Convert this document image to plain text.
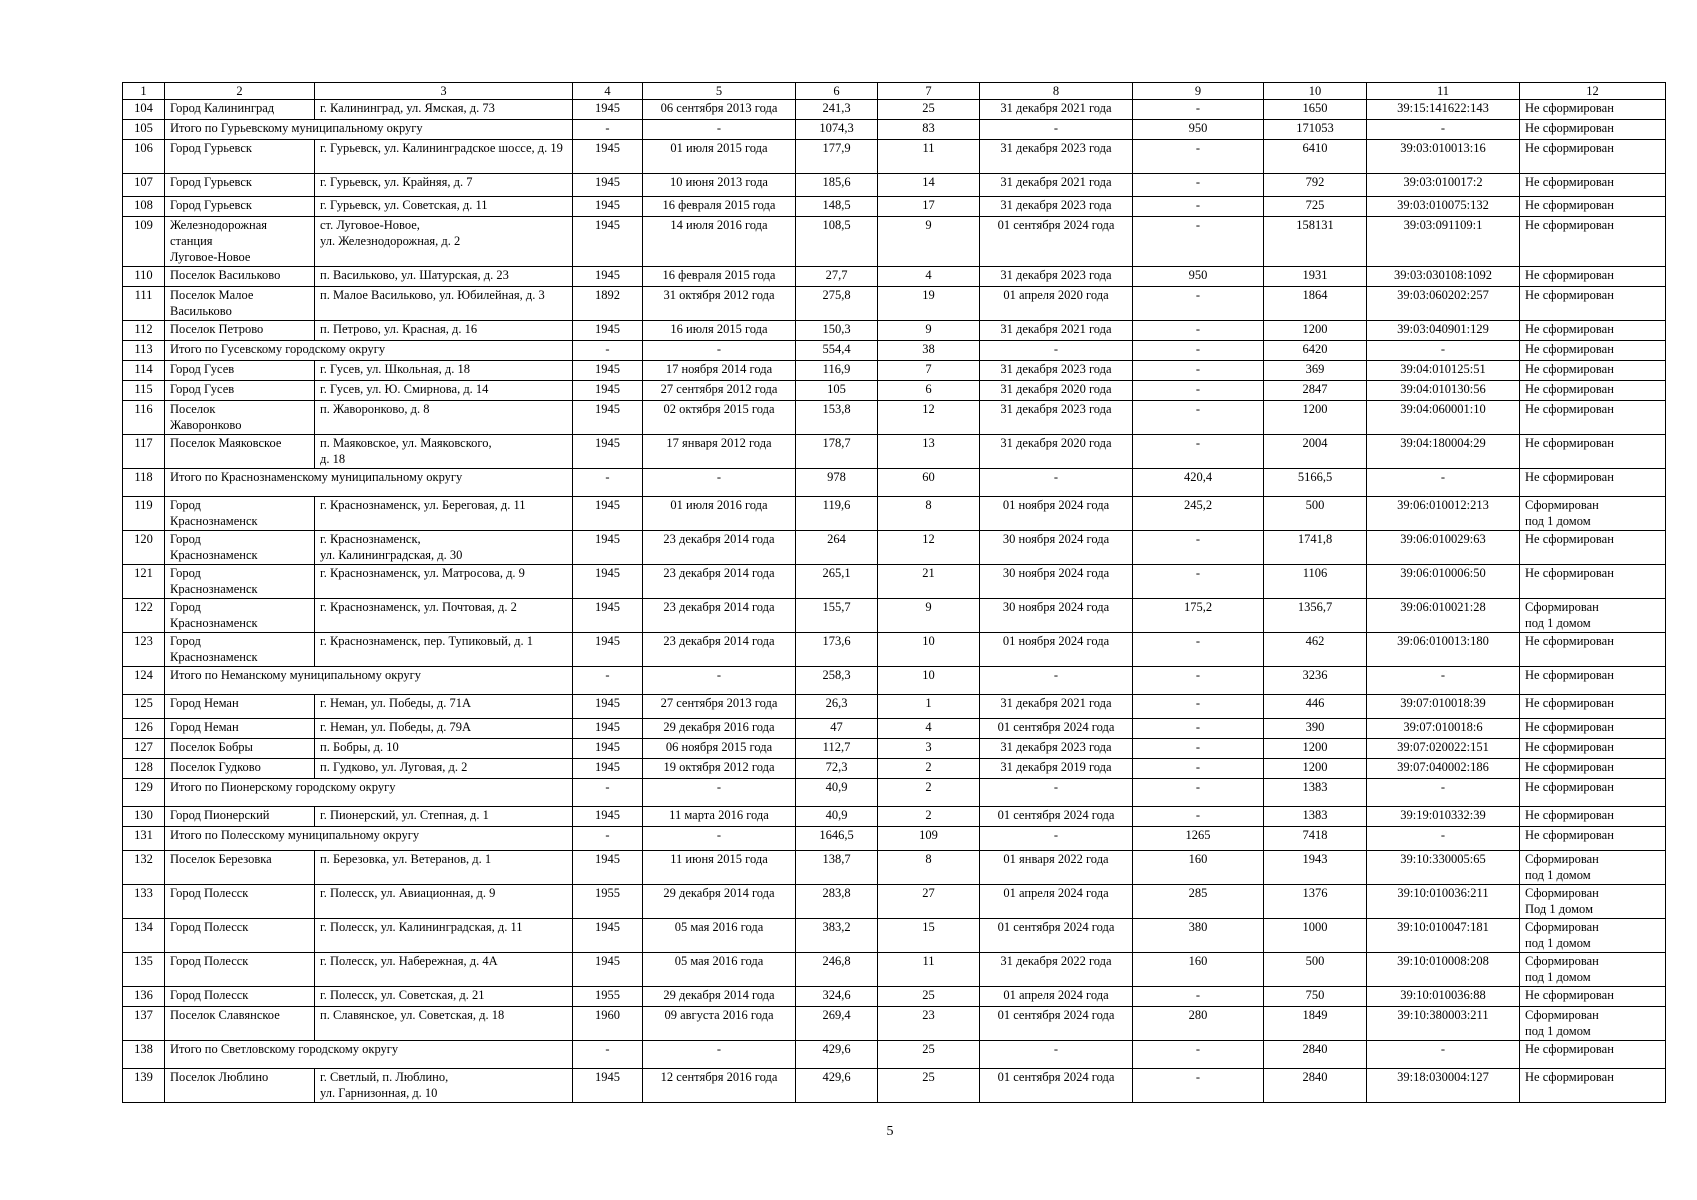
1	2	3	4	5	6	7	8	9	10	11	12
104	Город Калининград	г. Калининград, ул. Ямская, д. 73	1945	06 сентября 2013 года	241,3	25	31 декабря 2021 года	-	1650	39:15:141622:143	Не сформирован
105	Итого по Гурьевскому муниципальному округу		-	-	1074,3	83	-	950	171053	-	Не сформирован
106	Город Гурьевск	г. Гурьевск, ул. Калининградское шоссе, д. 19	1945	01 июля 2015 года	177,9	11	31 декабря 2023 года	-	6410	39:03:010013:16	Не сформирован
107	Город Гурьевск	г. Гурьевск, ул. Крайняя, д. 7	1945	10 июня 2013 года	185,6	14	31 декабря 2021 года	-	792	39:03:010017:2	Не сформирован
108	Город Гурьевск	г. Гурьевск, ул. Советская, д. 11	1945	16 февраля 2015 года	148,5	17	31 декабря 2023 года	-	725	39:03:010075:132	Не сформирован
109	Железнодорожная
станция
Луговое-Новое	ст. Луговое-Новое,
ул. Железнодорожная, д. 2	1945	14 июля 2016 года	108,5	9	01 сентября 2024 года	-	158131	39:03:091109:1	Не сформирован
110	Поселок Васильково	п. Васильково, ул. Шатурская, д. 23	1945	16 февраля 2015 года	27,7	4	31 декабря 2023 года	950	1931	39:03:030108:1092	Не сформирован
111	Поселок Малое
Васильково	п. Малое Васильково, ул. Юбилейная, д. 3	1892	31 октября 2012 года	275,8	19	01 апреля 2020 года	-	1864	39:03:060202:257	Не сформирован
112	Поселок Петрово	п. Петрово, ул. Красная, д. 16	1945	16 июля 2015 года	150,3	9	31 декабря 2021 года	-	1200	39:03:040901:129	Не сформирован
113	Итого по Гусевскому городскому округу		-	-	554,4	38	-	-	6420	-	Не сформирован
114	Город Гусев	г. Гусев, ул. Школьная, д. 18	1945	17 ноября 2014 года	116,9	7	31 декабря 2023 года	-	369	39:04:010125:51	Не сформирован
115	Город Гусев	г. Гусев, ул. Ю. Смирнова, д. 14	1945	27 сентября 2012 года	105	6	31 декабря 2020 года	-	2847	39:04:010130:56	Не сформирован
116	Поселок
Жаворонково	п. Жаворонково, д. 8	1945	02 октября 2015 года	153,8	12	31 декабря 2023 года	-	1200	39:04:060001:10	Не сформирован
117	Поселок Маяковское	п. Маяковское, ул. Маяковского,
д. 18	1945	17 января 2012 года	178,7	13	31 декабря 2020 года	-	2004	39:04:180004:29	Не сформирован
118	Итого по Краснознаменскому муниципальному округу		-	-	978	60	-	420,4	5166,5	-	Не сформирован
119	Город
Краснознаменск	г. Краснознаменск, ул. Береговая, д. 11	1945	01 июля 2016 года	119,6	8	01 ноября 2024 года	245,2	500	39:06:010012:213	Сформирован
под 1 домом
120	Город
Краснознаменск	г. Краснознаменск,
ул. Калининградская, д. 30	1945	23 декабря 2014 года	264	12	30 ноября 2024 года	-	1741,8	39:06:010029:63	Не сформирован
121	Город
Краснознаменск	г. Краснознаменск, ул. Матросова, д. 9	1945	23 декабря 2014 года	265,1	21	30 ноября 2024 года	-	1106	39:06:010006:50	Не сформирован
122	Город
Краснознаменск	г. Краснознаменск, ул. Почтовая, д. 2	1945	23 декабря 2014 года	155,7	9	30 ноября 2024 года	175,2	1356,7	39:06:010021:28	Сформирован
под 1 домом
123	Город
Краснознаменск	г. Краснознаменск, пер. Тупиковый, д. 1	1945	23 декабря 2014 года	173,6	10	01 ноября 2024 года	-	462	39:06:010013:180	Не сформирован
124	Итого по Неманскому муниципальному округу		-	-	258,3	10	-	-	3236	-	Не сформирован
125	Город Неман	г. Неман, ул. Победы, д. 71А	1945	27 сентября 2013 года	26,3	1	31 декабря 2021 года	-	446	39:07:010018:39	Не сформирован
126	Город Неман	г. Неман, ул. Победы, д. 79А	1945	29 декабря 2016 года	47	4	01 сентября 2024 года	-	390	39:07:010018:6	Не сформирован
127	Поселок Бобры	п. Бобры, д. 10	1945	06 ноября 2015 года	112,7	3	31 декабря 2023 года	-	1200	39:07:020022:151	Не сформирован
128	Поселок Гудково	п. Гудково, ул. Луговая, д. 2	1945	19 октября 2012 года	72,3	2	31 декабря 2019 года	-	1200	39:07:040002:186	Не сформирован
129	Итого по Пионерскому городскому округу		-	-	40,9	2	-	-	1383	-	Не сформирован
130	Город Пионерский	г. Пионерский, ул. Степная, д. 1	1945	11 марта 2016 года	40,9	2	01 сентября 2024 года	-	1383	39:19:010332:39	Не сформирован
131	Итого по Полесскому муниципальному округу		-	-	1646,5	109	-	1265	7418	-	Не сформирован
132	Поселок Березовка	п. Березовка, ул. Ветеранов, д. 1	1945	11 июня 2015 года	138,7	8	01 января 2022 года	160	1943	39:10:330005:65	Сформирован
под 1 домом
133	Город Полесск	г. Полесск, ул. Авиационная, д. 9	1955	29 декабря 2014 года	283,8	27	01 апреля 2024 года	285	1376	39:10:010036:211	Сформирован
Под 1 домом
134	Город Полесск	г. Полесск, ул. Калининградская, д. 11	1945	05 мая 2016 года	383,2	15	01 сентября 2024 года	380	1000	39:10:010047:181	Сформирован
под 1 домом
135	Город Полесск	г. Полесск, ул. Набережная, д. 4А	1945	05 мая 2016 года	246,8	11	31 декабря 2022 года	160	500	39:10:010008:208	Сформирован
под 1 домом
136	Город Полесск	г. Полесск, ул. Советская, д. 21	1955	29 декабря 2014 года	324,6	25	01 апреля 2024 года	-	750	39:10:010036:88	Не сформирован
137	Поселок Славянское	п. Славянское, ул. Советская, д. 18	1960	09 августа 2016 года	269,4	23	01 сентября 2024 года	280	1849	39:10:380003:211	Сформирован
под 1 домом
138	Итого по Светловскому городскому округу		-	-	429,6	25	-	-	2840	-	Не сформирован
139	Поселок Люблино	г. Светлый, п. Люблино,
ул. Гарнизонная, д. 10	1945	12 сентября 2016 года	429,6	25	01 сентября 2024 года	-	2840	39:18:030004:127	Не сформирован
5
